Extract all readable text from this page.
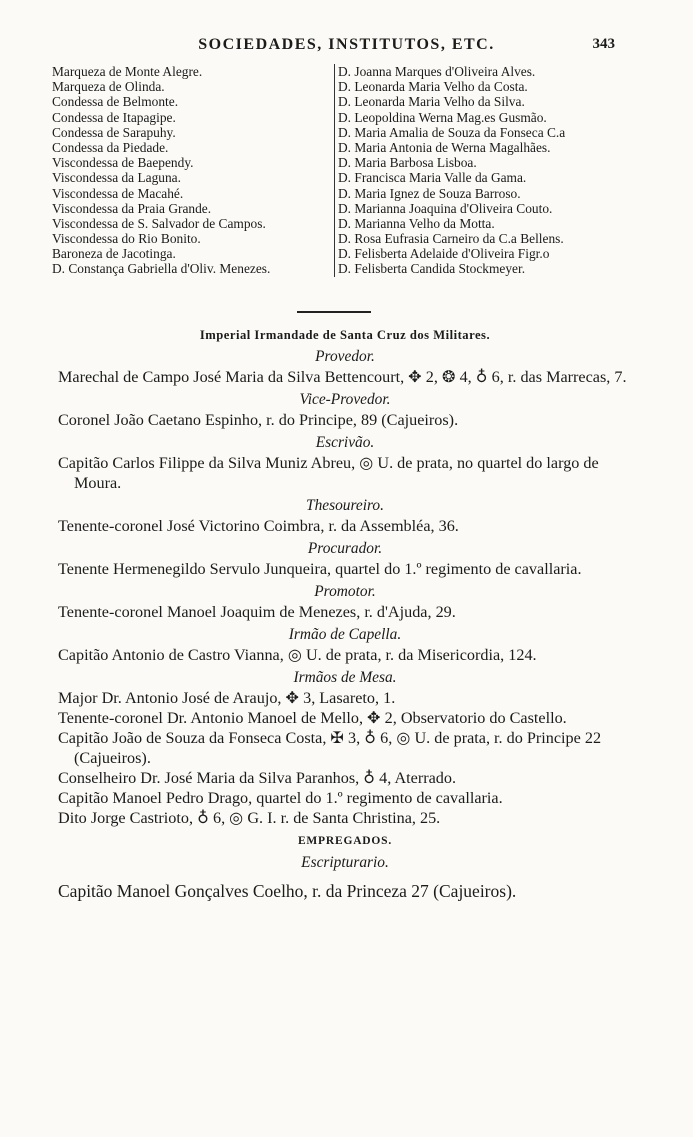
SOCIEDADES, INSTITUTOS, ETC.	343
Marqueza de Monte Alegre.
Marqueza de Olinda.
Condessa de Belmonte.
Condessa de Itapagipe.
Condessa de Sarapuhy.
Condessa da Piedade.
Viscondessa de Baependy.
Viscondessa da Laguna.
Viscondessa de Macahé.
Viscondessa da Praia Grande.
Viscondessa de S. Salvador de Campos.
Viscondessa do Rio Bonito.
Baroneza de Jacotinga.
D. Constança Gabriella d'Oliv. Menezes.
D. Joanna Marques d'Oliveira Alves.
D. Leonarda Maria Velho da Costa.
D. Leonarda Maria Velho da Silva.
D. Leopoldina Werna Mag.es Gusmão.
D. Maria Amalia de Souza da Fonseca C.a
D. Maria Antonia de Werna Magalhães.
D. Maria Barbosa Lisboa.
D. Francisca Maria Valle da Gama.
D. Maria Ignez de Souza Barroso.
D. Marianna Joaquina d'Oliveira Couto.
D. Marianna Velho da Motta.
D. Rosa Eufrasia Carneiro da C.a Bellens.
D. Felisberta Adelaide d'Oliveira Figr.o
D. Felisberta Candida Stockmeyer.
Imperial Irmandade de Santa Cruz dos Militares.
Provedor.
Marechal de Campo José Maria da Silva Bettencourt, ✥ 2, ❂ 4, ♁ 6, r. das Marrecas, 7.
Vice-Provedor.
Coronel João Caetano Espinho, r. do Principe, 89 (Cajueiros).
Escrivão.
Capitão Carlos Filippe da Silva Muniz Abreu, ◎ U. de prata, no quartel do largo de Moura.
Thesoureiro.
Tenente-coronel José Victorino Coimbra, r. da Assembléa, 36.
Procurador.
Tenente Hermenegildo Servulo Junqueira, quartel do 1.º regimento de cavallaria.
Promotor.
Tenente-coronel Manoel Joaquim de Menezes, r. d'Ajuda, 29.
Irmão de Capella.
Capitão Antonio de Castro Vianna, ◎ U. de prata, r. da Misericordia, 124.
Irmãos de Mesa.
Major Dr. Antonio José de Araujo, ✥ 3, Lasareto, 1.
Tenente-coronel Dr. Antonio Manoel de Mello, ✥ 2, Observatorio do Castello.
Capitão João de Souza da Fonseca Costa, ✠ 3, ♁ 6, ◎ U. de prata, r. do Principe 22 (Cajueiros).
Conselheiro Dr. José Maria da Silva Paranhos, ♁ 4, Aterrado.
Capitão Manoel Pedro Drago, quartel do 1.º regimento de cavallaria.
Dito Jorge Castrioto, ♁ 6, ◎ G. I. r. de Santa Christina, 25.
EMPREGADOS.
Escripturario.
Capitão Manoel Gonçalves Coelho, r. da Princeza 27 (Cajueiros).
